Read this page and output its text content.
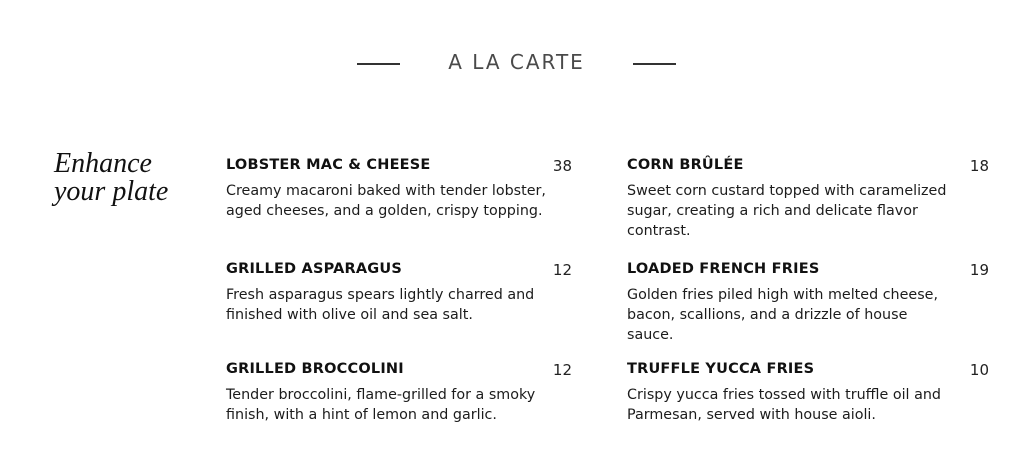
A LA CARTE
Enhance
your plate
LOBSTER MAC & CHEESE	38
Creamy macaroni baked with tender lobster, aged cheeses, and a golden, crispy topping.
GRILLED ASPARAGUS	12
Fresh asparagus spears lightly charred and finished with olive oil and sea salt.
GRILLED BROCCOLINI	12
Tender broccolini, flame-grilled for a smoky finish, with a hint of lemon and garlic.
CORN BRÛLÉE	18
Sweet corn custard topped with caramelized sugar, creating a rich and delicate flavor contrast.
LOADED FRENCH FRIES	19
Golden fries piled high with melted cheese, bacon, scallions, and a drizzle of house sauce.
TRUFFLE YUCCA FRIES	10
Crispy yucca fries tossed with truffle oil and Parmesan, served with house aioli.
